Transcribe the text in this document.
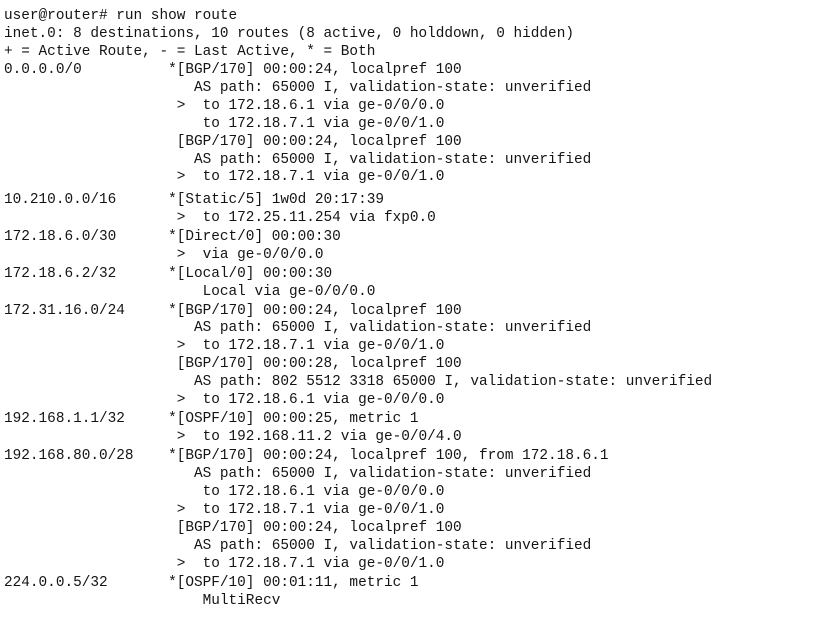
user@router# run show route
inet.0: 8 destinations, 10 routes (8 active, 0 holddown, 0 hidden)
+ = Active Route, - = Last Active, * = Both
0.0.0.0/0          *[BGP/170] 00:00:24, localpref 100
AS path: 65000 I, validation-state: unverified
>  to 172.18.6.1 via ge-0/0/0.0
to 172.18.7.1 via ge-0/0/1.0
[BGP/170] 00:00:24, localpref 100
AS path: 65000 I, validation-state: unverified
>  to 172.18.7.1 via ge-0/0/1.0
10.210.0.0/16      *[Static/5] 1w0d 20:17:39
>  to 172.25.11.254 via fxp0.0
172.18.6.0/30      *[Direct/0] 00:00:30
>  via ge-0/0/0.0
172.18.6.2/32      *[Local/0] 00:00:30
Local via ge-0/0/0.0
172.31.16.0/24     *[BGP/170] 00:00:24, localpref 100
AS path: 65000 I, validation-state: unverified
>  to 172.18.7.1 via ge-0/0/1.0
[BGP/170] 00:00:28, localpref 100
AS path: 802 5512 3318 65000 I, validation-state: unverified
>  to 172.18.6.1 via ge-0/0/0.0
192.168.1.1/32     *[OSPF/10] 00:00:25, metric 1
>  to 192.168.11.2 via ge-0/0/4.0
192.168.80.0/28    *[BGP/170] 00:00:24, localpref 100, from 172.18.6.1
AS path: 65000 I, validation-state: unverified
to 172.18.6.1 via ge-0/0/0.0
>  to 172.18.7.1 via ge-0/0/1.0
[BGP/170] 00:00:24, localpref 100
AS path: 65000 I, validation-state: unverified
>  to 172.18.7.1 via ge-0/0/1.0
224.0.0.5/32       *[OSPF/10] 00:01:11, metric 1
MultiRecv
